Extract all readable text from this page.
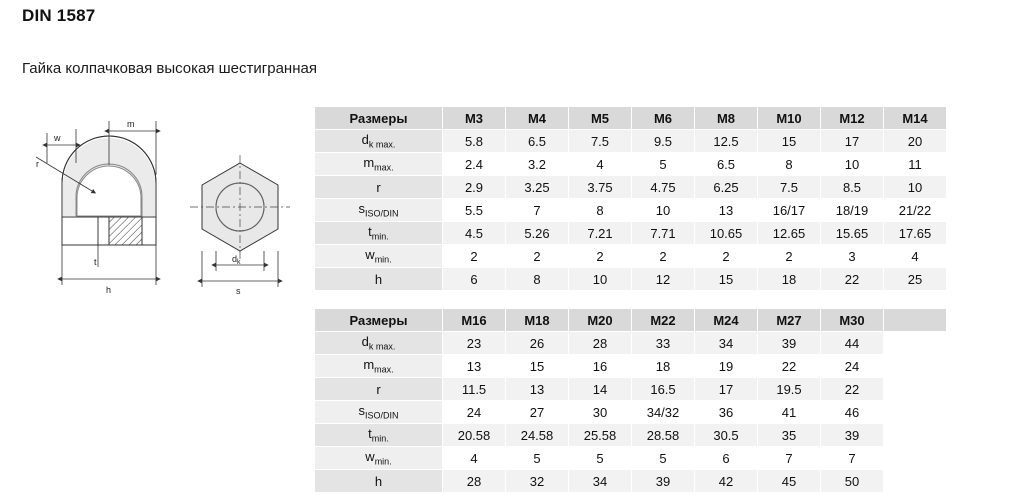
DIN 1587
Гайка колпачковая высокая шестигранная
w
m
r
t
h
$d_k$
s
Размеры	M3	M4	M5	M6	M8	M10	M12	M14
$d_{k max.}$	5.8	6.5	7.5	9.5	12.5	15	17	20
$m_{max.}$	2.4	3.2	4	5	6.5	8	10	11
r	2.9	3.25	3.75	4.75	6.25	7.5	8.5	10
$s_{ISO/DIN}$	5.5	7	8	10	13	16/17	18/19	21/22
$t_{min.}$	4.5	5.26	7.21	7.71	10.65	12.65	15.65	17.65
$w_{min.}$	2	2	2	2	2	2	3	4
h	6	8	10	12	15	18	22	25
Размеры	M16	M18	M20	M22	M24	M27	M30	
$d_{k max.}$	23	26	28	33	34	39	44	
$m_{max.}$	13	15	16	18	19	22	24	
r	11.5	13	14	16.5	17	19.5	22	
$s_{ISO/DIN}$	24	27	30	34/32	36	41	46	
$t_{min.}$	20.58	24.58	25.58	28.58	30.5	35	39	
$w_{min.}$	4	5	5	5	6	7	7	
h	28	32	34	39	42	45	50	
